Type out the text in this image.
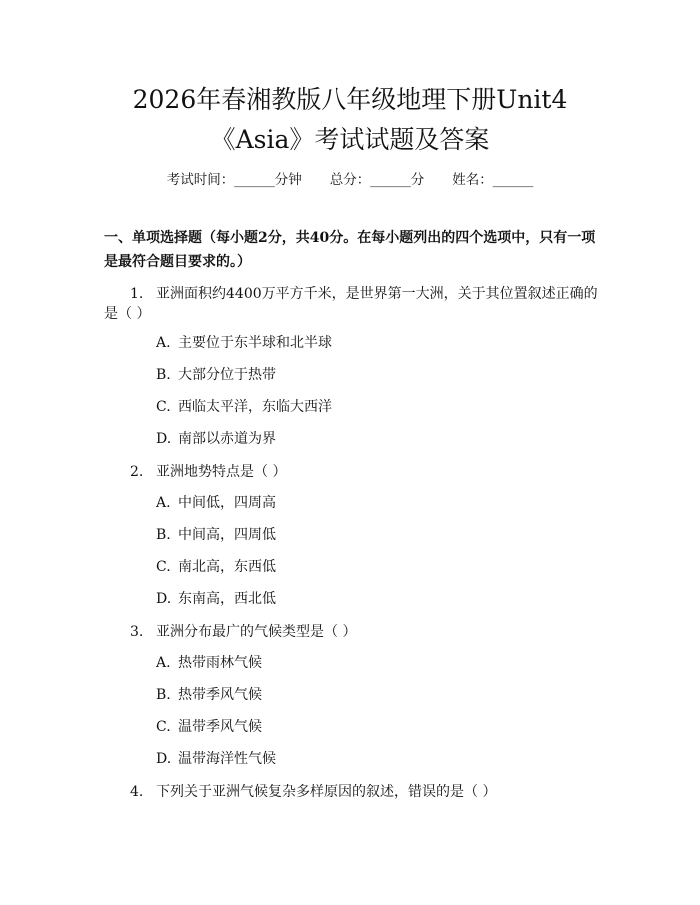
2026年春湘教版八年级地理下册Unit4
《Asia》考试试题及答案
考试时间：______分钟 总分：______分 姓名：______

一、单项选择题（每小题2分，共40分。在每小题列出的四个选项中，只有一项是最符合题目要求的。）

1. 亚洲面积约4400万平方千米，是世界第一大洲，关于其位置叙述正确的

是（ ）

A. 主要位于东半球和北半球

B. 大部分位于热带

C. 西临太平洋，东临大西洋

D. 南部以赤道为界

2. 亚洲地势特点是（ ）

A. 中间低，四周高

B. 中间高，四周低

C. 南北高，东西低

D. 东南高，西北低

3. 亚洲分布最广的气候类型是（ ）

A. 热带雨林气候

B. 热带季风气候

C. 温带季风气候

D. 温带海洋性气候

4. 下列关于亚洲气候复杂多样原因的叙述，错误的是（ ）
